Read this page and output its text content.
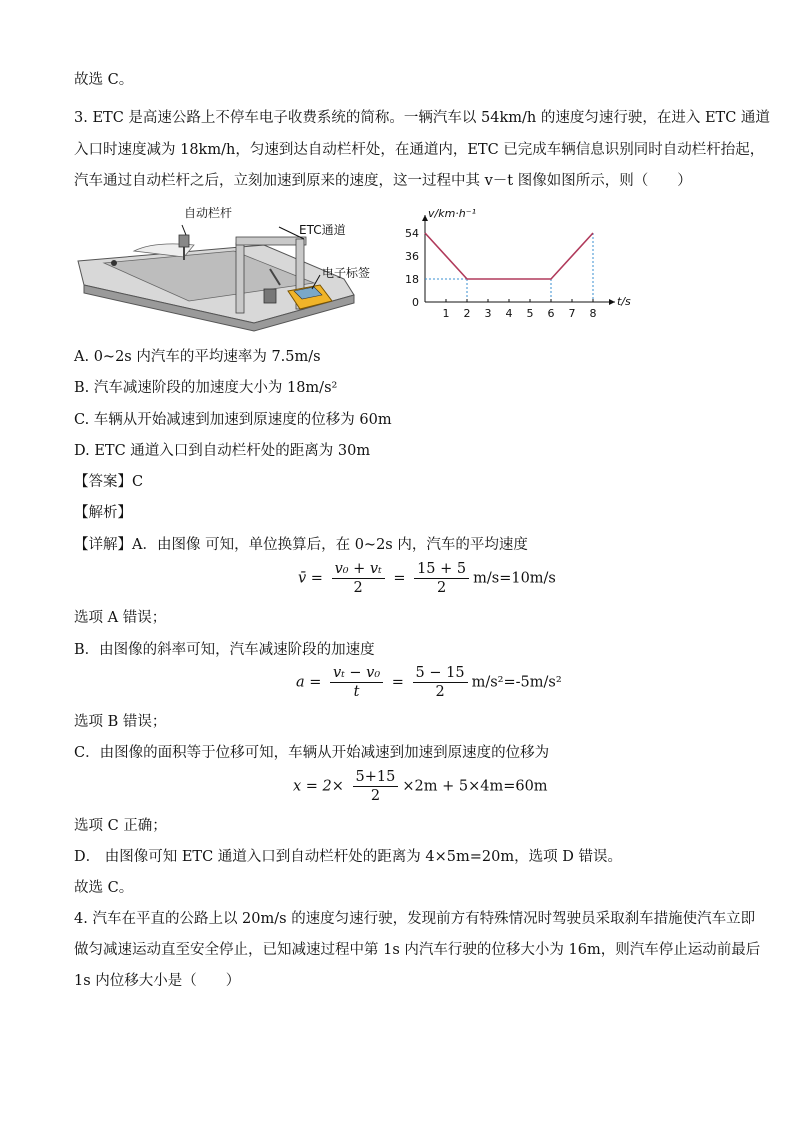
故选 C。
3. ETC 是高速公路上不停车电子收费系统的简称。一辆汽车以 54km/h 的速度匀速行驶，在进入 ETC 通道
入口时速度减为 18km/h，匀速到达自动栏杆处，在通道内，ETC 已完成车辆信息识别同时自动栏杆抬起，
汽车通过自动栏杆之后，立刻加速到原来的速度，这一过程中其 v－t 图像如图所示，则（　　）
自动栏杆
ETC通道
电子标签
1 2 3 4 5 6 7 8
54
36
18
0
v/km·h⁻¹
t/s
A. 0~2s 内汽车的平均速率为 7.5m/s
B. 汽车减速阶段的加速度大小为 18m/s²
C. 车辆从开始减速到加速到原速度的位移为 60m
D. ETC 通道入口到自动栏杆处的距离为 30m
【答案】C
【解析】
【详解】A．由图像 可知，单位换算后，在 0~2s 内，汽车的平均速度
v̄ = $\frac{\text{v₀ + vₜ}}{2} = \frac{15 + 5}{2} m/s=10m/s$
选项 A 错误；
B．由图像的斜率可知，汽车减速阶段的加速度
$a = \frac{\text{vₜ − v₀}}{t} = \frac{5 - 15}{2} m/s^2=-5m/s^2$
选项 B 错误；
C．由图像的面积等于位移可知，车辆从开始减速到加速到原速度的位移为
$x = 2\times \frac{5+15}{2} \times 2m + 5\times 4m=60m$
选项 C 正确；
D． 由图像可知 ETC 通道入口到自动栏杆处的距离为 4×5m=20m，选项 D 错误。
故选 C。
4. 汽车在平直的公路上以 20m/s 的速度匀速行驶，发现前方有特殊情况时驾驶员采取刹车措施使汽车立即
做匀减速运动直至安全停止，已知减速过程中第 1s 内汽车行驶的位移大小为 16m，则汽车停止运动前最后
1s 内位移大小是（　　）
